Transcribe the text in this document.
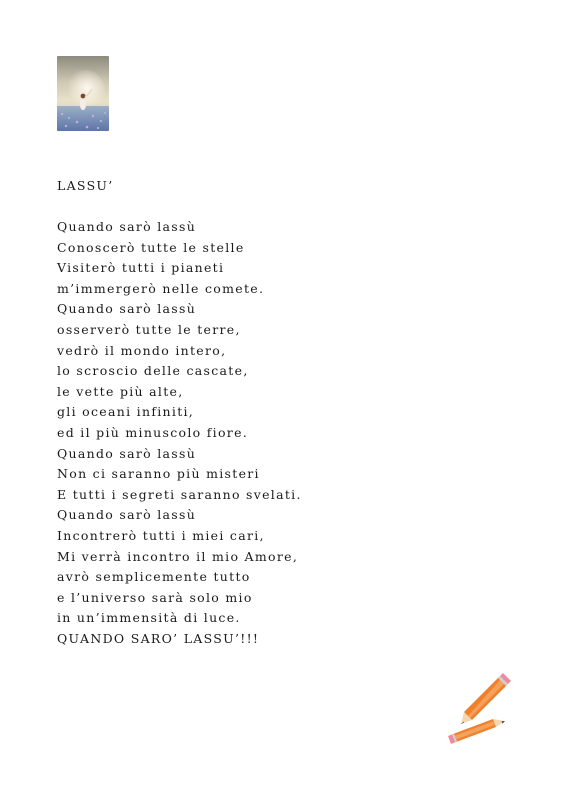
LASSU’
Quando sarò lassù
Conoscerò tutte le stelle
Visiterò tutti i pianeti
m’immergerò nelle comete.
Quando sarò lassù
osserverò tutte le terre,
vedrò il mondo intero,
lo scroscio delle cascate,
le vette più alte,
gli oceani infiniti,
ed il più minuscolo fiore.
Quando sarò lassù
Non ci saranno più misteri
E tutti i segreti saranno svelati.
Quando sarò lassù
Incontrerò tutti i miei cari,
Mi verrà incontro il mio Amore,
avrò semplicemente tutto
e l’universo sarà solo mio
in un’immensità di luce.
QUANDO SARO’ LASSU’!!!
